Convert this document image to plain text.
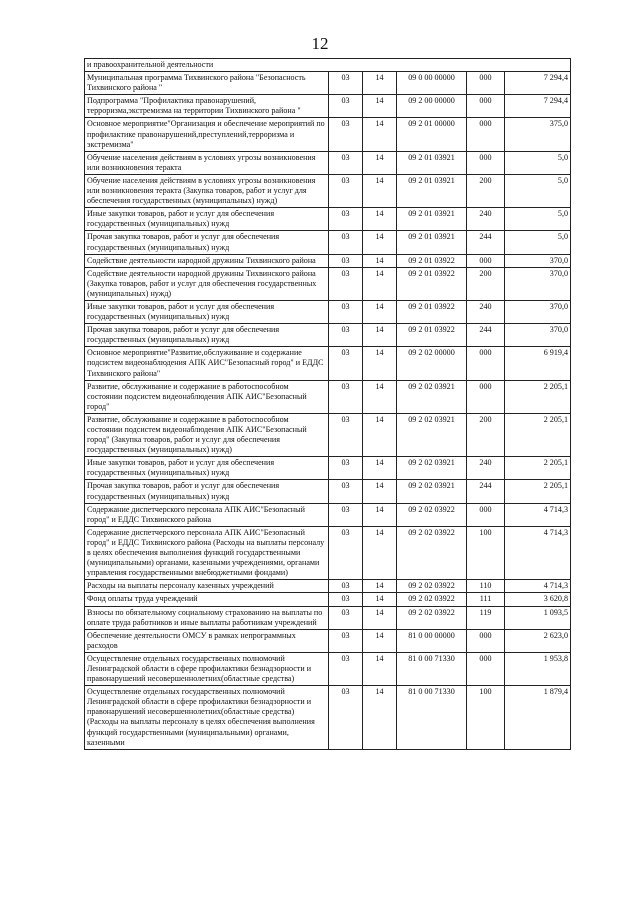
12
и правоохранительной деятельности					
Муниципальная программа Тихвинского района "Безопасность Тихвинского района "	03	14	09 0 00 00000	000	7 294,4
Подпрограмма "Профилактика правонарушений, терроризма,экстремизма на территории Тихвинского района "	03	14	09 2 00 00000	000	7 294,4
Основное мероприятие"Организация и обеспечение мероприятий по профилактике правонарушений,преступлений,терроризма и экстремизма"	03	14	09 2 01 00000	000	375,0
Обучение населения действиям в условиях угрозы возникновения или возникновения теракта	03	14	09 2 01 03921	000	5,0
Обучение населения действиям в условиях угрозы возникновения или возникновения теракта (Закупка товаров, работ и услуг для обеспечения государственных (муниципальных) нужд)	03	14	09 2 01 03921	200	5,0
Иные закупки товаров, работ и услуг для обеспечения государственных (муниципальных) нужд	03	14	09 2 01 03921	240	5,0
Прочая закупка товаров, работ и услуг для обеспечения государственных (муниципальных) нужд	03	14	09 2 01 03921	244	5,0
Содействие деятельности народной дружины Тихвинского района	03	14	09 2 01 03922	000	370,0
Содействие деятельности народной дружины Тихвинского района (Закупка товаров, работ и услуг для обеспечения государственных (муниципальных) нужд)	03	14	09 2 01 03922	200	370,0
Иные закупки товаров, работ и услуг для обеспечения государственных (муниципальных) нужд	03	14	09 2 01 03922	240	370,0
Прочая закупка товаров, работ и услуг для обеспечения государственных (муниципальных) нужд	03	14	09 2 01 03922	244	370,0
Основное мероприятие"Развитие,обслуживание и содержание подсистем видеонаблюдения АПК АИС"Безопасный город" и ЕДДС Тихвинского района"	03	14	09 2 02 00000	000	6 919,4
Развитие, обслуживание и содержание в работоспособном состоянии подсистем видеонаблюдения АПК АИС"Безопасный город"	03	14	09 2 02 03921	000	2 205,1
Развитие, обслуживание и содержание в работоспособном состоянии подсистем видеонаблюдения АПК АИС"Безопасный город" (Закупка товаров, работ и услуг для обеспечения государственных (муниципальных) нужд)	03	14	09 2 02 03921	200	2 205,1
Иные закупки товаров, работ и услуг для обеспечения государственных (муниципальных) нужд	03	14	09 2 02 03921	240	2 205,1
Прочая закупка товаров, работ и услуг для обеспечения государственных (муниципальных) нужд	03	14	09 2 02 03921	244	2 205,1
Содержание диспетчерского персонала АПК АИС"Безопасный город" и ЕДДС Тихвинского района	03	14	09 2 02 03922	000	4 714,3
Содержание диспетчерского персонала АПК АИС"Безопасный город" и ЕДДС Тихвинского района (Расходы на выплаты персоналу в целях обеспечения выполнения функций государственными (муниципальными) органами, казенными учреждениями, органами управления государственными внебюджетными фондами)	03	14	09 2 02 03922	100	4 714,3
Расходы на выплаты персоналу казенных учреждений	03	14	09 2 02 03922	110	4 714,3
Фонд оплаты труда учреждений	03	14	09 2 02 03922	111	3 620,8
Взносы по обязательному социальному страхованию на выплаты по оплате труда работников и иные выплаты работникам учреждений	03	14	09 2 02 03922	119	1 093,5
Обеспечение деятельности ОМСУ в рамках непрограммных расходов	03	14	81 0 00 00000	000	2 623,0
Осуществление отдельных государственных полномочий Ленинградской области в сфере профилактики безнадзорности и правонарушений несовершеннолетних(областные средства)	03	14	81 0 00 71330	000	1 953,8
Осуществление отдельных государственных полномочий Ленинградской области в сфере профилактики безнадзорности и правонарушений несовершеннолетних(областные средства) (Расходы на выплаты персоналу в целях обеспечения выполнения функций государственными (муниципальными) органами, казенными	03	14	81 0 00 71330	100	1 879,4
